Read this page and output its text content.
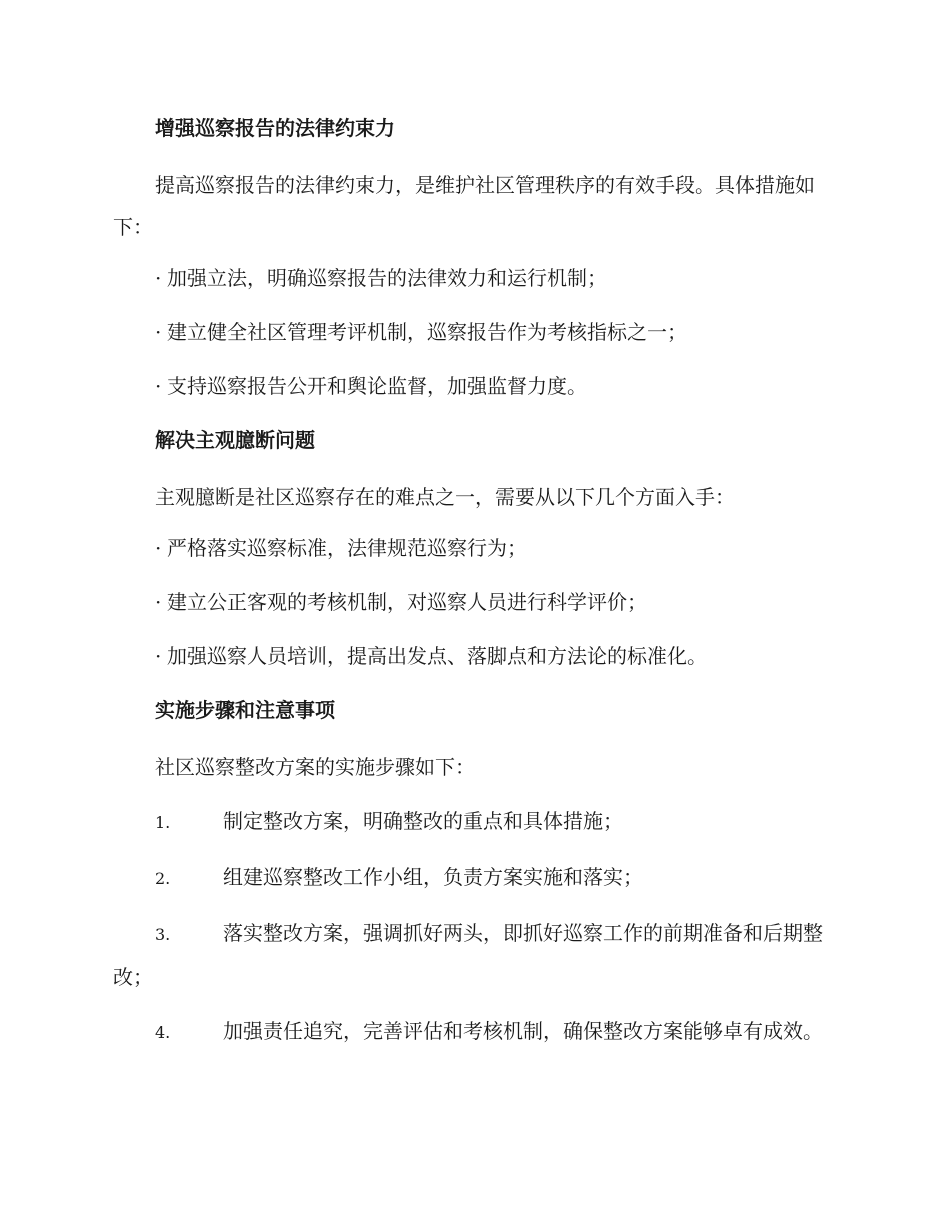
增强巡察报告的法律约束力
提高巡察报告的法律约束力，是维护社区管理秩序的有效手段。具体措施如下：
· 加强立法，明确巡察报告的法律效力和运行机制；
· 建立健全社区管理考评机制，巡察报告作为考核指标之一；
· 支持巡察报告公开和舆论监督，加强监督力度。
解决主观臆断问题
主观臆断是社区巡察存在的难点之一，需要从以下几个方面入手：
· 严格落实巡察标准，法律规范巡察行为；
· 建立公正客观的考核机制，对巡察人员进行科学评价；
· 加强巡察人员培训，提高出发点、落脚点和方法论的标准化。
实施步骤和注意事项
社区巡察整改方案的实施步骤如下：
1.	制定整改方案，明确整改的重点和具体措施；
2.	组建巡察整改工作小组，负责方案实施和落实；
3.	落实整改方案，强调抓好两头，即抓好巡察工作的前期准备和后期整改；
4.	加强责任追究，完善评估和考核机制，确保整改方案能够卓有成效。
